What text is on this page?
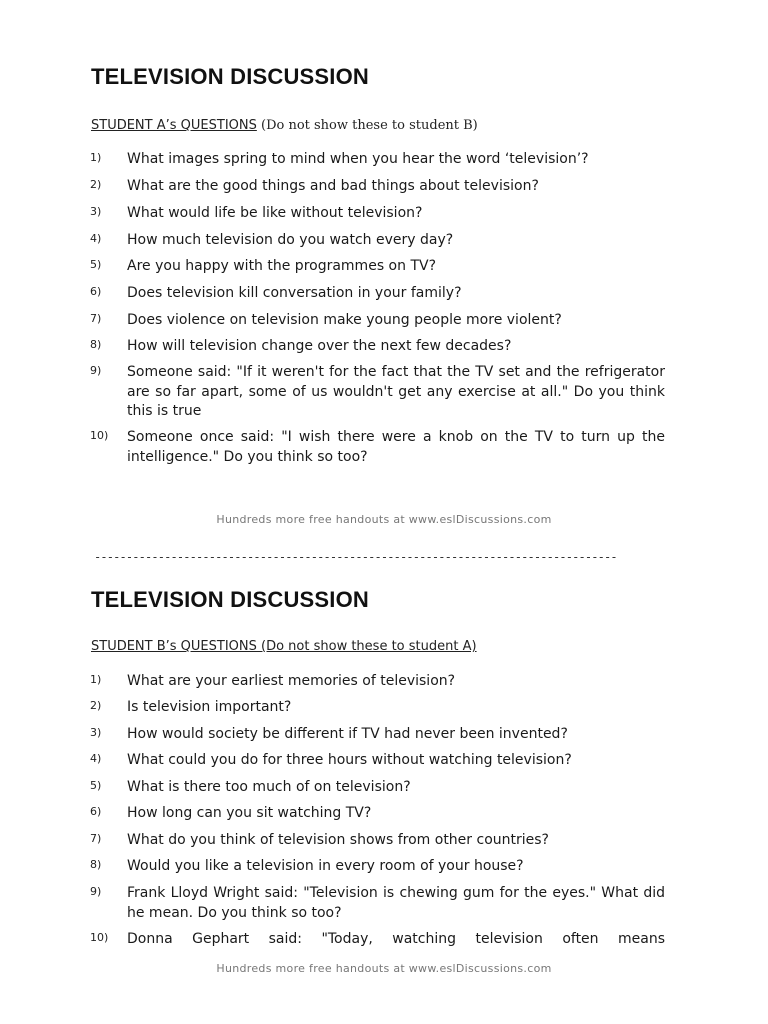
TELEVISION DISCUSSION
STUDENT A’s QUESTIONS (Do not show these to student B)
1) What images spring to mind when you hear the word ‘television’?
2) What are the good things and bad things about television?
3) What would life be like without television?
4) How much television do you watch every day?
5) Are you happy with the programmes on TV?
6) Does television kill conversation in your family?
7) Does violence on television make young people more violent?
8) How will television change over the next few decades?
9) Someone said: "If it weren't for the fact that the TV set and the refrigerator are so far apart, some of us wouldn't get any exercise at all." Do you think this is true
10) Someone once said: "I wish there were a knob on the TV to turn up the intelligence." Do you think so too?
Hundreds more free handouts at www.eslDiscussions.com
----------------------------------------------------------------------------------
TELEVISION DISCUSSION
STUDENT B’s QUESTIONS (Do not show these to student A)
1) What are your earliest memories of television?
2) Is television important?
3) How would society be different if TV had never been invented?
4) What could you do for three hours without watching television?
5) What is there too much of on television?
6) How long can you sit watching TV?
7) What do you think of television shows from other countries?
8) Would you like a television in every room of your house?
9) Frank Lloyd Wright said: "Television is chewing gum for the eyes." What did he mean. Do you think so too?
10) Donna Gephart said: "Today, watching television often means
Hundreds more free handouts at www.eslDiscussions.com
